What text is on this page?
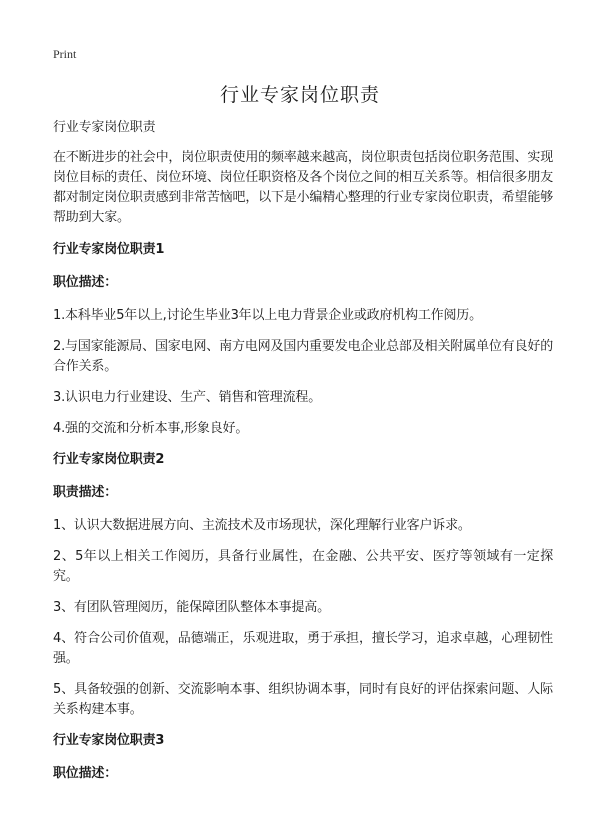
Print
行业专家岗位职责
行业专家岗位职责
在不断进步的社会中，岗位职责使用的频率越来越高，岗位职责包括岗位职务范围、实现岗位目标的责任、岗位环境、岗位任职资格及各个岗位之间的相互关系等。相信很多朋友都对制定岗位职责感到非常苦恼吧，以下是小编精心整理的行业专家岗位职责，希望能够帮助到大家。
行业专家岗位职责1
职位描述：
1.本科毕业5年以上,讨论生毕业3年以上电力背景企业或政府机构工作阅历。
2.与国家能源局、国家电网、南方电网及国内重要发电企业总部及相关附属单位有良好的合作关系。
3.认识电力行业建设、生产、销售和管理流程。
4.强的交流和分析本事,形象良好。
行业专家岗位职责2
职责描述：
1、认识大数据进展方向、主流技术及市场现状，深化理解行业客户诉求。
2、5年以上相关工作阅历，具备行业属性，在金融、公共平安、医疗等领域有一定探究。
3、有团队管理阅历，能保障团队整体本事提高。
4、符合公司价值观，品德端正，乐观进取，勇于承担，擅长学习，追求卓越，心理韧性强。
5、具备较强的创新、交流影响本事、组织协调本事，同时有良好的评估探索问题、人际关系构建本事。
行业专家岗位职责3
职位描述：
